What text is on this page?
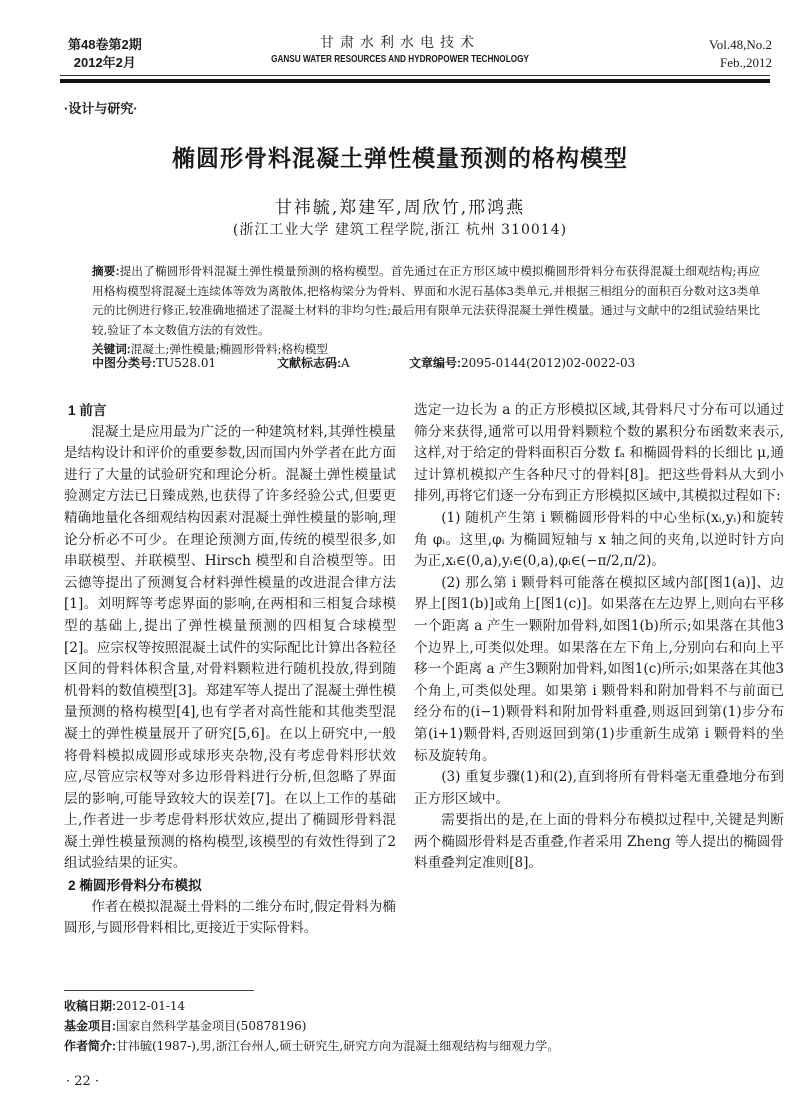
第48卷第2期
2012年2月
甘肃水利水电技术
GANSU WATER RESOURCES AND HYDROPOWER TECHNOLOGY
Vol.48,No.2
Feb.,2012
·设计与研究·
椭圆形骨料混凝土弹性模量预测的格构模型
甘祎毓,郑建军,周欣竹,邢鸿燕
(浙江工业大学 建筑工程学院,浙江 杭州 310014)
摘要:提出了椭圆形骨料混凝土弹性模量预测的格构模型。首先通过在正方形区域中模拟椭圆形骨料分布获得混凝土细观结构;再应用格构模型将混凝土连续体等效为离散体,把格构梁分为骨料、界面和水泥石基体3类单元,并根据三相组分的面积百分数对这3类单元的比例进行修正,较准确地描述了混凝土材料的非均匀性;最后用有限单元法获得混凝土弹性模量。通过与文献中的2组试验结果比较,验证了本文数值方法的有效性。
关键词:混凝土;弹性模量;椭圆形骨料;格构模型
中图分类号:TU528.01	文献标志码:A	文章编号:2095-0144(2012)02-0022-03
1 前言

混凝土是应用最为广泛的一种建筑材料,其弹性模量是结构设计和评价的重要参数,因而国内外学者在此方面进行了大量的试验研究和理论分析。混凝土弹性模量试验测定方法已日臻成熟,也获得了许多经验公式,但要更精确地量化各细观结构因素对混凝土弹性模量的影响,理论分析必不可少。在理论预测方面,传统的模型很多,如串联模型、并联模型、Hirsch 模型和自洽模型等。田云德等提出了预测复合材料弹性模量的改进混合律方法[1]。刘明辉等考虑界面的影响,在两相和三相复合球模型的基础上,提出了弹性模量预测的四相复合球模型[2]。应宗权等按照混凝土试件的实际配比计算出各粒径区间的骨料体积含量,对骨料颗粒进行随机投放,得到随机骨料的数值模型[3]。郑建军等人提出了混凝土弹性模量预测的格构模型[4],也有学者对高性能和其他类型混凝土的弹性模量展开了研究[5,6]。在以上研究中,一般将骨料模拟成圆形或球形夹杂物,没有考虑骨料形状效应,尽管应宗权等对多边形骨料进行分析,但忽略了界面层的影响,可能导致较大的误差[7]。在以上工作的基础上,作者进一步考虑骨料形状效应,提出了椭圆形骨料混凝土弹性模量预测的格构模型,该模型的有效性得到了2组试验结果的证实。

2 椭圆形骨料分布模拟

作者在模拟混凝土骨料的二维分布时,假定骨料为椭圆形,与圆形骨料相比,更接近于实际骨料。

选定一边长为 a 的正方形模拟区域,其骨料尺寸分布可以通过筛分来获得,通常可以用骨料颗粒个数的累积分布函数来表示,这样,对于给定的骨料面积百分数 fₐ 和椭圆骨料的长细比 μ,通过计算机模拟产生各种尺寸的骨料[8]。把这些骨料从大到小排列,再将它们逐一分布到正方形模拟区域中,其模拟过程如下:

(1) 随机产生第 i 颗椭圆形骨料的中心坐标(xᵢ,yᵢ)和旋转角 φᵢ。这里,φᵢ 为椭圆短轴与 x 轴之间的夹角,以逆时针方向为正,xᵢ∈(0,a),yᵢ∈(0,a),φᵢ∈(−π/2,π/2)。

(2) 那么第 i 颗骨料可能落在模拟区域内部[图1(a)]、边界上[图1(b)]或角上[图1(c)]。如果落在左边界上,则向右平移一个距离 a 产生一颗附加骨料,如图1(b)所示;如果落在其他3个边界上,可类似处理。如果落在左下角上,分别向右和向上平移一个距离 a 产生3颗附加骨料,如图1(c)所示;如果落在其他3个角上,可类似处理。如果第 i 颗骨料和附加骨料不与前面已经分布的(i−1)颗骨料和附加骨料重叠,则返回到第(1)步分布第(i+1)颗骨料,否则返回到第(1)步重新生成第 i 颗骨料的坐标及旋转角。

(3) 重复步骤(1)和(2),直到将所有骨料毫无重叠地分布到正方形区域中。

需要指出的是,在上面的骨料分布模拟过程中,关键是判断两个椭圆形骨料是否重叠,作者采用 Zheng 等人提出的椭圆骨料重叠判定准则[8]。

收稿日期:2012-01-14
基金项目:国家自然科学基金项目(50878196)
作者简介:甘祎毓(1987-),男,浙江台州人,硕士研究生,研究方向为混凝土细观结构与细观力学。
· 22 ·
